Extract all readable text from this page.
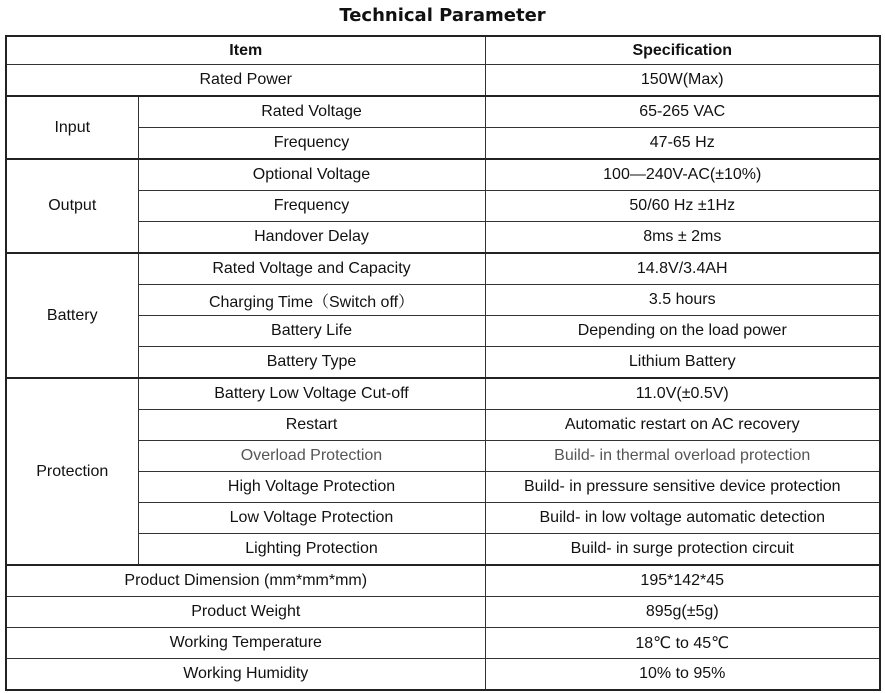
Technical Parameter
Item		Specification
Rated Power		150W(Max)
Input	Rated Voltage	65-265 VAC
	Frequency	47-65 Hz
Output	Optional Voltage	100—240V-AC(±10%)
	Frequency	50/60 Hz ±1Hz
	Handover Delay	8ms ± 2ms
Battery	Rated Voltage and Capacity	14.8V/3.4AH
	Charging Time（Switch off）	3.5 hours
	Battery Life	Depending on the load power
	Battery Type	Lithium Battery
Protection	Battery Low Voltage Cut-off	11.0V(±0.5V)
	Restart	Automatic restart on AC recovery
	Overload Protection	Build- in thermal overload protection
	High Voltage Protection	Build- in pressure sensitive device protection
	Low Voltage Protection	Build- in low voltage automatic detection
	Lighting Protection	Build- in surge protection circuit
Product Dimension (mm*mm*mm)		195*142*45
Product Weight		895g(±5g)
Working Temperature		18℃ to 45℃
Working Humidity		10% to 95%
